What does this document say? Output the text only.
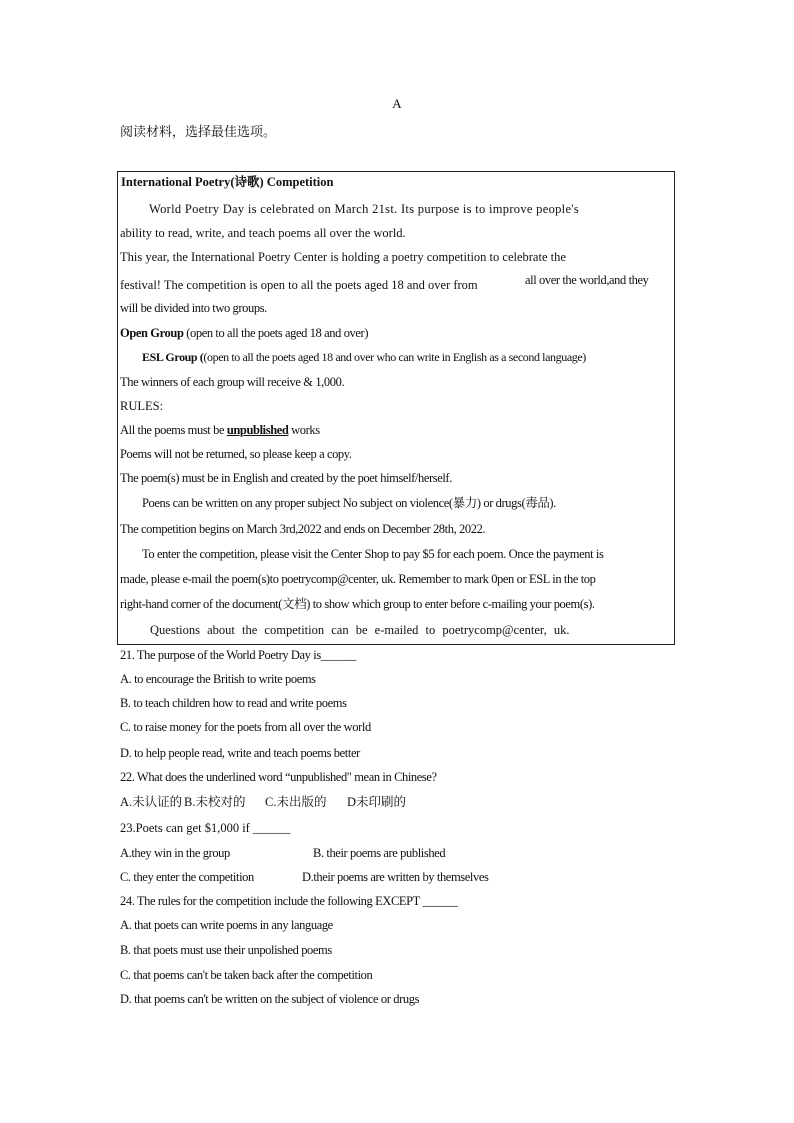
A
阅读材料，选择最佳选项。
International Poetry(诗歌) Competition
World Poetry Day is celebrated on March 21st. Its purpose is to improve people's
ability to read, write, and teach poems all over the world.
This year, the International Poetry Center is holding a poetry competition to celebrate the
festival! The competition is open to all the poets aged 18 and over from	all over the world,and they
will be divided into two groups.
Open Group (open to all the poets aged 18 and over)
ESL Group ((open to all the poets aged 18 and over who can write in English as a second language)
The winners of each group will receive & 1,000.
RULES:
All the poems must be unpublished works
Poems will not be returned, so please keep a copy.
The poem(s) must be in English and created by the poet himself/herself.
Poens can be written on any proper subject No subject on violence(暴力) or drugs(毒品).
The competition begins on March 3rd,2022 and ends on December 28th, 2022.
To enter the competition, please visit the Center Shop to pay $5 for each poem. Once the payment is
made, please e-mail the poem(s)to poetrycomp@center, uk. Remember to mark 0pen or ESL in the top
right-hand corner of the document(文档) to show which group to enter before c-mailing your poem(s).
Questions about the competition can be e-mailed to poetrycomp@center, uk.
21. The purpose of the World Poetry Day is______
A. to encourage the British to write poems
B. to teach children how to read and write poems
C. to raise money for the poets from all over the world
D. to help people read, write and teach poems better
22. What does the underlined word “unpublished" mean in Chinese?
A.未认证的 B.未校对的 C.未出版的 D未印刷的
23.Poets can get $1,000 if ______
A.they win in the group	B. their poems are published
C. they enter the competition	D.their poems are written by themselves
24. The rules for the competition include the following EXCEPT ______
A. that poets can write poems in any language
B. that poets must use their unpolished poems
C. that poems can't be taken back after the competition
D. that poems can't be written on the subject of violence or drugs
